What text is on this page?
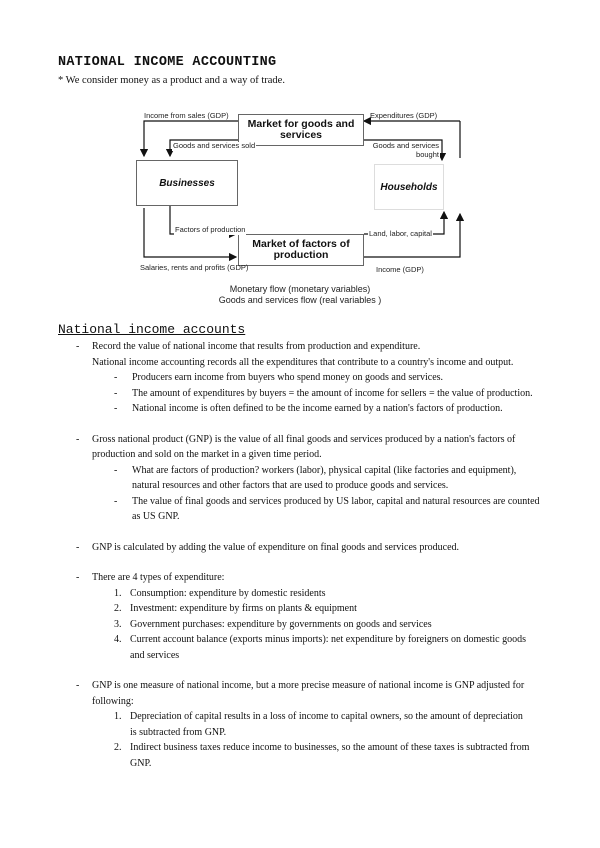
NATIONAL INCOME ACCOUNTING
* We consider money as a product and a way of trade.
Market for goods and services
Market of factors of production
Businesses	Households
Income from sales (GDP)	Expenditures (GDP)
Goods and services sold	Goods and services bought
Factors of production	Land, labor, capital
Salaries, rents and profits (GDP)	Income (GDP)
Monetary flow (monetary variables)
Goods and services flow (real variables )
National income accounts
- Record the value of national income that results from production and expenditure.
National income accounting records all the expenditures that contribute to a country's income and output.
- Producers earn income from buyers who spend money on goods and services.
- The amount of expenditures by buyers = the amount of income for sellers = the value of production.
- National income is often defined to be the income earned by a nation's factors of production.
- Gross national product (GNP) is the value of all final goods and services produced by a nation's factors of production and sold on the market in a given time period.
- What are factors of production? workers (labor), physical capital (like factories and equipment), natural resources and other factors that are used to produce goods and services.
- The value of final goods and services produced by US labor, capital and natural resources are counted as US GNP.
- GNP is calculated by adding the value of expenditure on final goods and services produced.
- There are 4 types of expenditure:
1. Consumption: expenditure by domestic residents
2. Investment: expenditure by firms on plants & equipment
3. Government purchases: expenditure by governments on goods and services
4. Current account balance (exports minus imports): net expenditure by foreigners on domestic goods and services
- GNP is one measure of national income, but a more precise measure of national income is GNP adjusted for following:
1. Depreciation of capital results in a loss of income to capital owners, so the amount of depreciation is subtracted from GNP.
2. Indirect business taxes reduce income to businesses, so the amount of these taxes is subtracted from GNP.
